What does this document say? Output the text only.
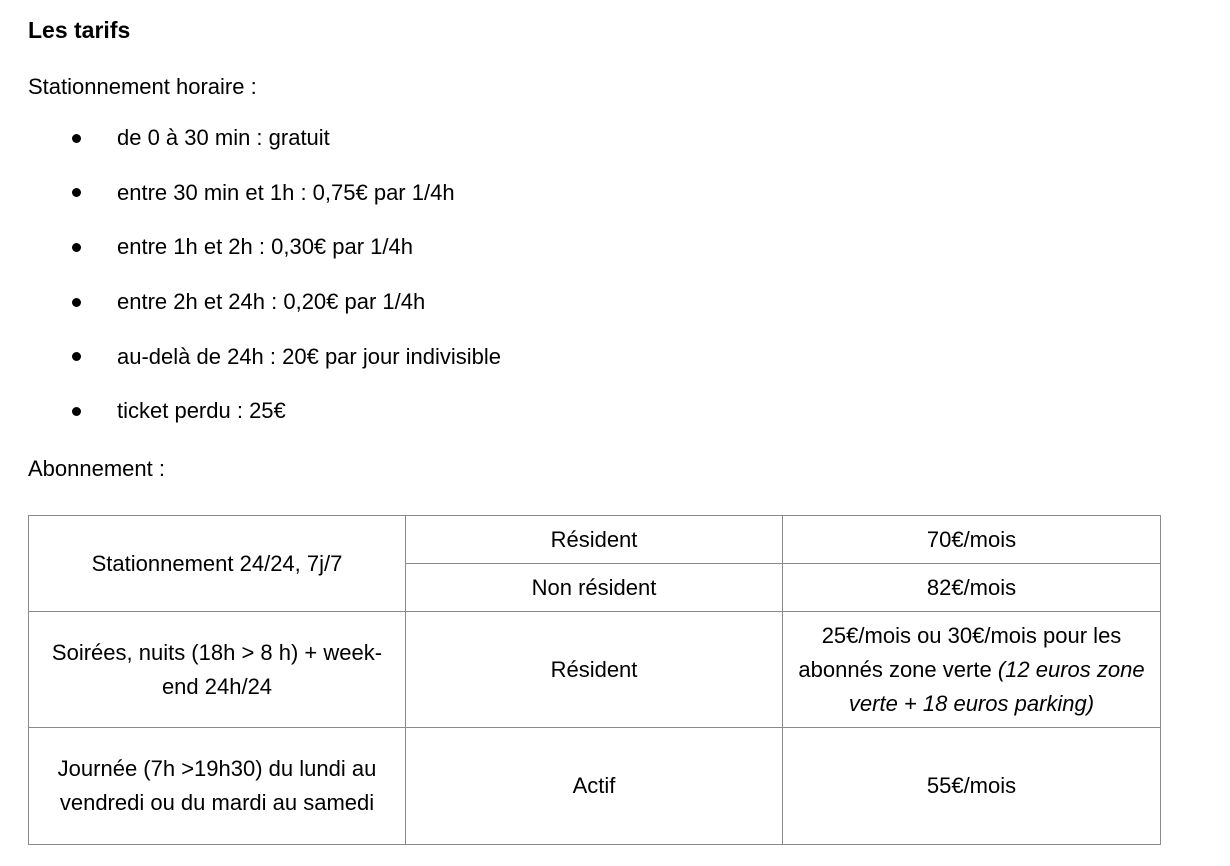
Les tarifs

Stationnement horaire :

de 0 à 30 min : gratuit
entre 30 min et 1h : 0,75€ par 1/4h
entre 1h et 2h : 0,30€ par 1/4h
entre 2h et 24h : 0,20€ par 1/4h
au-delà de 24h : 20€ par jour indivisible
ticket perdu : 25€

Abonnement :

Stationnement 24/24, 7j/7	Résident	70€/mois
	Non résident	82€/mois
Soirées, nuits (18h > 8 h) + week-end 24h/24	Résident	25€/mois ou 30€/mois pour les abonnés zone verte (12 euros zone verte + 18 euros parking)
Journée (7h >19h30) du lundi au vendredi ou du mardi au samedi	Actif	55€/mois
